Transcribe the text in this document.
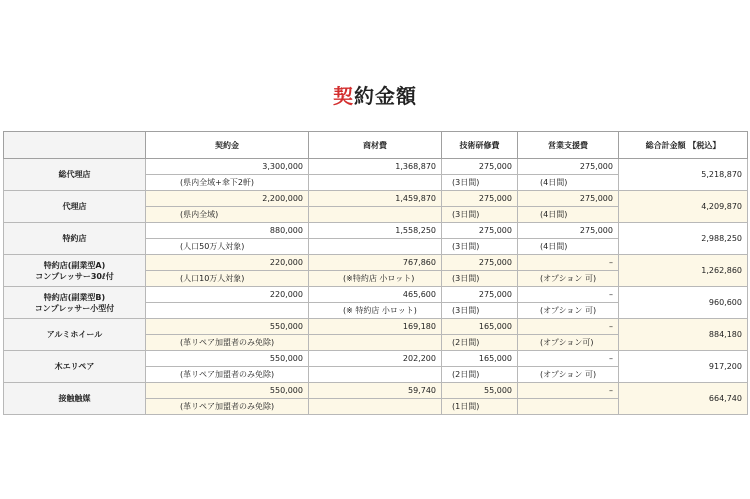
契約金額
	契約金	商材費	技術研修費	営業支援費	総合計金額 【税込】

総代理店	3,300,000	1,368,870	275,000	275,000	5,218,870
	(県内全域+傘下2軒)		(3日間)	(4日間)	

代理店	2,200,000	1,459,870	275,000	275,000	4,209,870
	(県内全域)		(3日間)	(4日間)	

特約店	880,000	1,558,250	275,000	275,000	2,988,250
	(人口50万人対象)		(3日間)	(4日間)	

特約店(副業型A)
コンプレッサー30ℓ付	220,000	767,860	275,000	–	1,262,860
	(人口10万人対象)	(※特約店 小ロット)	(3日間)	(オプション 可)	

特約店(副業型B)
コンプレッサー小型付	220,000	465,600	275,000	–	960,600
		(※ 特約店 小ロット)	(3日間)	(オプション 可)	

アルミホイール	550,000	169,180	165,000	–	884,180
	(革リペア加盟者のみ免除)		(2日間)	(オプション可)	

木エリペア	550,000	202,200	165,000	–	917,200
	(革リペア加盟者のみ免除)		(2日間)	(オプション 可)	

接触触媒	550,000	59,740	55,000	–	664,740
	(革リペア加盟者のみ免除)		(1日間)		
